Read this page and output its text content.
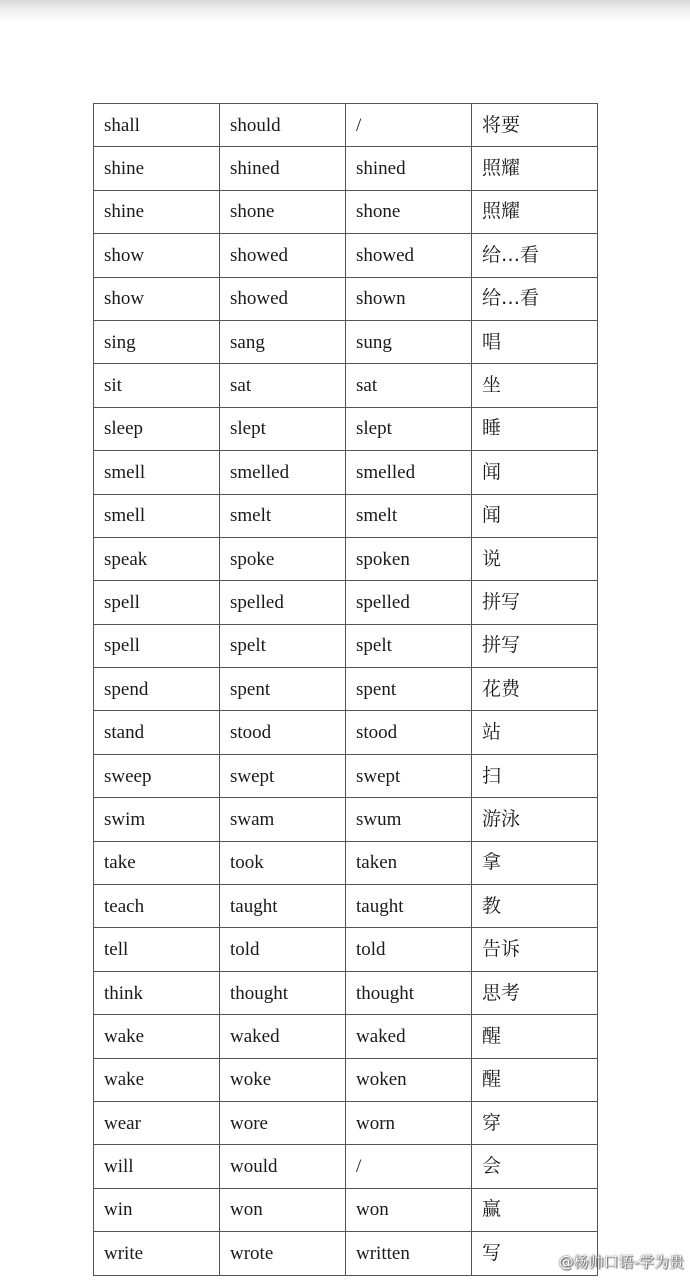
shall	should	/	将要
shine	shined	shined	照耀
shine	shone	shone	照耀
show	showed	showed	给…看
show	showed	shown	给…看
sing	sang	sung	唱
sit	sat	sat	坐
sleep	slept	slept	睡
smell	smelled	smelled	闻
smell	smelt	smelt	闻
speak	spoke	spoken	说
spell	spelled	spelled	拼写
spell	spelt	spelt	拼写
spend	spent	spent	花费
stand	stood	stood	站
sweep	swept	swept	扫
swim	swam	swum	游泳
take	took	taken	拿
teach	taught	taught	教
tell	told	told	告诉
think	thought	thought	思考
wake	waked	waked	醒
wake	woke	woken	醒
wear	wore	worn	穿
will	would	/	会
win	won	won	赢
write	wrote	written	写	@杨帅口语-学为贵
